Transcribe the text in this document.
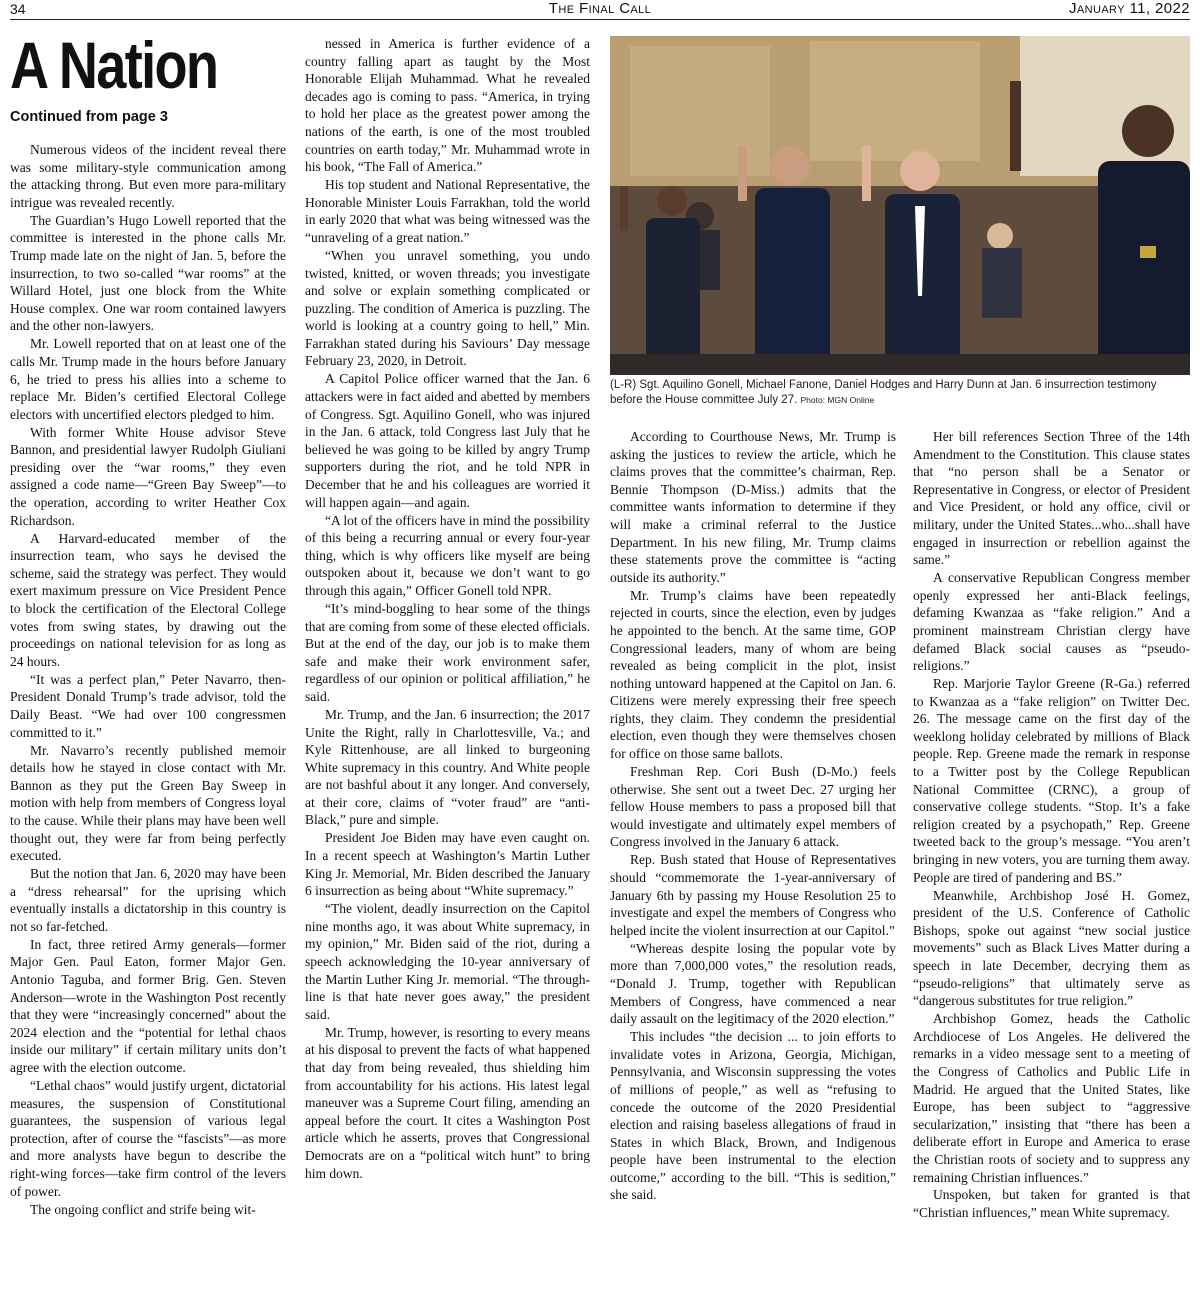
34	The Final Call	January 11, 2022
A Nation
Continued from page 3

Numerous videos of the incident reveal there was some military-style communication among the attacking throng. But even more para-military intrigue was revealed recently.

The Guardian’s Hugo Lowell reported that the committee is interested in the phone calls Mr. Trump made late on the night of Jan. 5, before the insurrection, to two so-called “war rooms” at the Willard Hotel, just one block from the White House complex. One war room contained lawyers and the other non-lawyers.

Mr. Lowell reported that on at least one of the calls Mr. Trump made in the hours before January 6, he tried to press his allies into a scheme to replace Mr. Biden’s certified Electoral College electors with uncertified electors pledged to him.

With former White House advisor Steve Bannon, and presidential lawyer Rudolph Giuliani presiding over the “war rooms,” they even assigned a code name—“Green Bay Sweep”—to the operation, according to writer Heather Cox Richardson.

A Harvard-educated member of the insurrection team, who says he devised the scheme, said the strategy was perfect. They would exert maximum pressure on Vice President Pence to block the certification of the Electoral College votes from swing states, by drawing out the proceedings on national television for as long as 24 hours.

“It was a perfect plan,” Peter Navarro, then-President Donald Trump’s trade advisor, told the Daily Beast. “We had over 100 congressmen committed to it.”

Mr. Navarro’s recently published memoir details how he stayed in close contact with Mr. Bannon as they put the Green Bay Sweep in motion with help from members of Congress loyal to the cause. While their plans may have been well thought out, they were far from being perfectly executed.

But the notion that Jan. 6, 2020 may have been a “dress rehearsal” for the uprising which eventually installs a dictatorship in this country is not so far-fetched.

In fact, three retired Army generals—former Major Gen. Paul Eaton, former Major Gen. Antonio Taguba, and former Brig. Gen. Steven Anderson—wrote in the Washington Post recently that they were “increasingly concerned” about the 2024 election and the “potential for lethal chaos inside our military” if certain military units don’t agree with the election outcome.

“Lethal chaos” would justify urgent, dictatorial measures, the suspension of Constitutional guarantees, the suspension of various legal protection, after of course the “fascists”—as more and more analysts have begun to describe the right-wing forces—take firm control of the levers of power.

The ongoing conflict and strife being wit-

nessed in America is further evidence of a country falling apart as taught by the Most Honorable Elijah Muhammad. What he revealed decades ago is coming to pass. “America, in trying to hold her place as the greatest power among the nations of the earth, is one of the most troubled countries on earth today,” Mr. Muhammad wrote in his book, “The Fall of America.”

His top student and National Representative, the Honorable Minister Louis Farrakhan, told the world in early 2020 that what was being witnessed was the “unraveling of a great nation.”

“When you unravel something, you undo twisted, knitted, or woven threads; you investigate and solve or explain something complicated or puzzling. The condition of America is puzzling. The world is looking at a country going to hell,” Min. Farrakhan stated during his Saviours’ Day message February 23, 2020, in Detroit.

A Capitol Police officer warned that the Jan. 6 attackers were in fact aided and abetted by members of Congress. Sgt. Aquilino Gonell, who was injured in the Jan. 6 attack, told Congress last July that he believed he was going to be killed by angry Trump supporters during the riot, and he told NPR in December that he and his colleagues are worried it will happen again—and again.

“A lot of the officers have in mind the possibility of this being a recurring annual or every four-year thing, which is why officers like myself are being outspoken about it, because we don’t want to go through this again,” Officer Gonell told NPR.

“It’s mind-boggling to hear some of the things that are coming from some of these elected officials. But at the end of the day, our job is to make them safe and make their work environment safer, regardless of our opinion or political affiliation,” he said.

Mr. Trump, and the Jan. 6 insurrection; the 2017 Unite the Right, rally in Charlottesville, Va.; and Kyle Rittenhouse, are all linked to burgeoning White supremacy in this country. And White people are not bashful about it any longer. And conversely, at their core, claims of “voter fraud” are “anti-Black,” pure and simple.

President Joe Biden may have even caught on. In a recent speech at Washington’s Martin Luther King Jr. Memorial, Mr. Biden described the January 6 insurrection as being about “White supremacy.”

“The violent, deadly insurrection on the Capitol nine months ago, it was about White supremacy, in my opinion,” Mr. Biden said of the riot, during a speech acknowledging the 10-year anniversary of the Martin Luther King Jr. memorial. “The through-line is that hate never goes away,” the president said.

Mr. Trump, however, is resorting to every means at his disposal to prevent the facts of what happened that day from being revealed, thus shielding him from accountability for his actions. His latest legal maneuver was a Supreme Court filing, amending an appeal before the court. It cites a Washington Post article which he asserts, proves that Congressional Democrats are on a “political witch hunt” to bring him down.

(L-R) Sgt. Aquilino Gonell, Michael Fanone, Daniel Hodges and Harry Dunn at Jan. 6 insurrection testimony before the House committee July 27. Photo: MGN Online

According to Courthouse News, Mr. Trump is asking the justices to review the article, which he claims proves that the committee’s chairman, Rep. Bennie Thompson (D-Miss.) admits that the committee wants information to determine if they will make a criminal referral to the Justice Department. In his new filing, Mr. Trump claims these statements prove the committee is “acting outside its authority.”

Mr. Trump’s claims have been repeatedly rejected in courts, since the election, even by judges he appointed to the bench. At the same time, GOP Congressional leaders, many of whom are being revealed as being complicit in the plot, insist nothing untoward happened at the Capitol on Jan. 6. Citizens were merely expressing their free speech rights, they claim. They condemn the presidential election, even though they were themselves chosen for office on those same ballots.

Freshman Rep. Cori Bush (D-Mo.) feels otherwise. She sent out a tweet Dec. 27 urging her fellow House members to pass a proposed bill that would investigate and ultimately expel members of Congress involved in the January 6 attack.

Rep. Bush stated that House of Representatives should “commemorate the 1-year-anniversary of January 6th by passing my House Resolution 25 to investigate and expel the members of Congress who helped incite the violent insurrection at our Capitol.”

“Whereas despite losing the popular vote by more than 7,000,000 votes,” the resolution reads, “Donald J. Trump, together with Republican Members of Congress, have commenced a near daily assault on the legitimacy of the 2020 election.”

This includes “the decision ... to join efforts to invalidate votes in Arizona, Georgia, Michigan, Pennsylvania, and Wisconsin suppressing the votes of millions of people,” as well as “refusing to concede the outcome of the 2020 Presidential election and raising baseless allegations of fraud in States in which Black, Brown, and Indigenous people have been instrumental to the election outcome,” according to the bill. “This is sedition,” she said.

Her bill references Section Three of the 14th Amendment to the Constitution. This clause states that “no person shall be a Senator or Representative in Congress, or elector of President and Vice President, or hold any office, civil or military, under the United States...who...shall have engaged in insurrection or rebellion against the same.”

A conservative Republican Congress member openly expressed her anti-Black feelings, defaming Kwanzaa as “fake religion.” And a prominent mainstream Christian clergy have defamed Black social causes as “pseudo-religions.”

Rep. Marjorie Taylor Greene (R-Ga.) referred to Kwanzaa as a “fake religion” on Twitter Dec. 26. The message came on the first day of the weeklong holiday celebrated by millions of Black people. Rep. Greene made the remark in response to a Twitter post by the College Republican National Committee (CRNC), a group of conservative college students. “Stop. It’s a fake religion created by a psychopath,” Rep. Greene tweeted back to the group’s message. “You aren’t bringing in new voters, you are turning them away. People are tired of pandering and BS.”

Meanwhile, Archbishop José H. Gomez, president of the U.S. Conference of Catholic Bishops, spoke out against “new social justice movements” such as Black Lives Matter during a speech in late December, decrying them as “pseudo-religions” that ultimately serve as “dangerous substitutes for true religion.”

Archbishop Gomez, heads the Catholic Archdiocese of Los Angeles. He delivered the remarks in a video message sent to a meeting of the Congress of Catholics and Public Life in Madrid. He argued that the United States, like Europe, has been subject to “aggressive secularization,” insisting that “there has been a deliberate effort in Europe and America to erase the Christian roots of society and to suppress any remaining Christian influences.”

Unspoken, but taken for granted is that “Christian influences,” mean White supremacy.
